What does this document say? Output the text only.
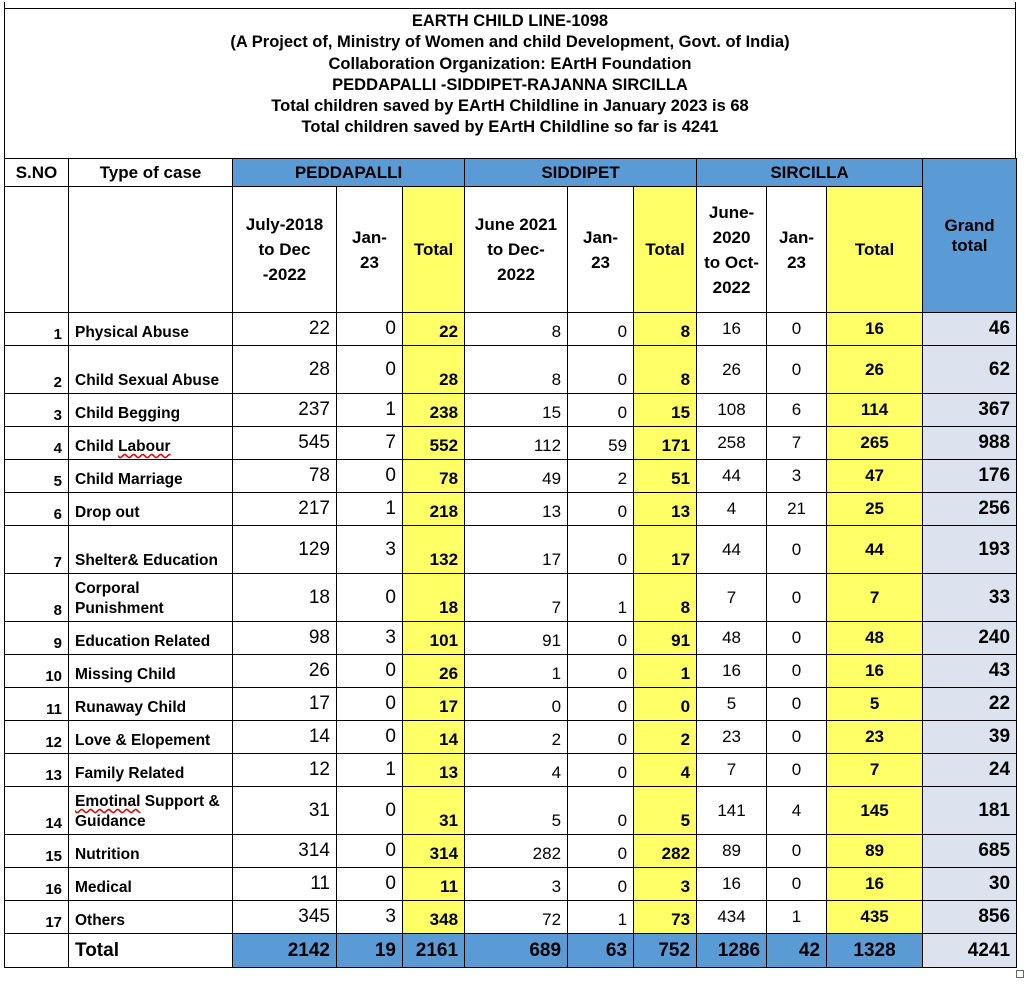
EARTH CHILD LINE-1098
(A Project of, Ministry of Women and child Development, Govt. of India)
Collaboration Organization: EArtH Foundation
PEDDAPALLI -SIDDIPET-RAJANNA SIRCILLA
Total children saved by EArtH Childline in January 2023 is 68
Total children saved by EArtH Childline so far is 4241
S.NO	Type of case	PEDDAPALLI			SIDDIPET			SIRCILLA			Grand total
		July-2018 to Dec -2022	Jan-23	Total	June 2021 to Dec- 2022	Jan- 23	Total	June- 2020 to Oct- 2022	Jan- 23	Total	
1	Physical Abuse	22	0	22	8	0	8	16	0	16	46
2	Child Sexual Abuse	28	0	28	8	0	8	26	0	26	62
3	Child Begging	237	1	238	15	0	15	108	6	114	367
4	Child Labour	545	7	552	112	59	171	258	7	265	988
5	Child Marriage	78	0	78	49	2	51	44	3	47	176
6	Drop out	217	1	218	13	0	13	4	21	25	256
7	Shelter& Education	129	3	132	17	0	17	44	0	44	193
8	Corporal Punishment	18	0	18	7	1	8	7	0	7	33
9	Education Related	98	3	101	91	0	91	48	0	48	240
10	Missing Child	26	0	26	1	0	1	16	0	16	43
11	Runaway Child	17	0	17	0	0	0	5	0	5	22
12	Love & Elopement	14	0	14	2	0	2	23	0	23	39
13	Family Related	12	1	13	4	0	4	7	0	7	24
14	Emotinal Support & Guidance	31	0	31	5	0	5	141	4	145	181
15	Nutrition	314	0	314	282	0	282	89	0	89	685
16	Medical	11	0	11	3	0	3	16	0	16	30
17	Others	345	3	348	72	1	73	434	1	435	856
	Total	2142	19	2161	689	63	752	1286	42	1328	4241
